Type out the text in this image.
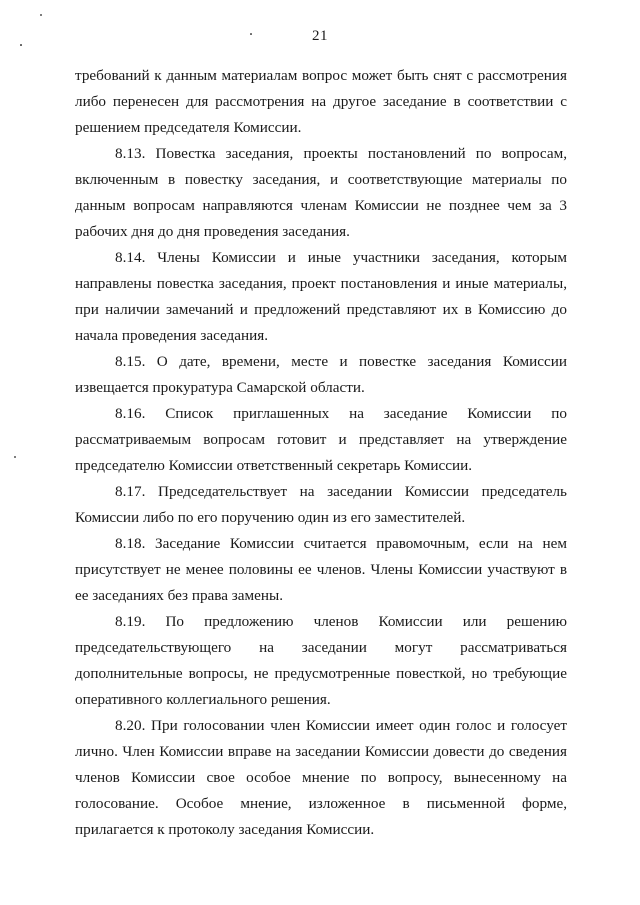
21
требований к данным материалам вопрос может быть снят с рассмотрения
либо перенесен для рассмотрения на другое заседание в соответствии с
решением председателя Комиссии.
8.13. Повестка заседания, проекты постановлений по вопросам,
включенным в повестку заседания, и соответствующие материалы по
данным вопросам направляются членам Комиссии не позднее чем за 3
рабочих дня до дня проведения заседания.
8.14. Члены Комиссии и иные участники заседания, которым
направлены повестка заседания, проект постановления и иные материалы,
при наличии замечаний и предложений представляют их в Комиссию до
начала проведения заседания.
8.15. О дате, времени, месте и повестке заседания Комиссии
извещается прокуратура Самарской области.
8.16. Список приглашенных на заседание Комиссии по
рассматриваемым вопросам готовит и представляет на утверждение
председателю Комиссии ответственный секретарь Комиссии.
8.17. Председательствует на заседании Комиссии председатель
Комиссии либо по его поручению один из его заместителей.
8.18. Заседание Комиссии считается правомочным, если на нем
присутствует не менее половины ее членов. Члены Комиссии участвуют в
ее заседаниях без права замены.
8.19. По предложению членов Комиссии или решению
председательствующего на заседании могут рассматриваться
дополнительные вопросы, не предусмотренные повесткой, но требующие
оперативного коллегиального решения.
8.20. При голосовании член Комиссии имеет один голос и голосует
лично. Член Комиссии вправе на заседании Комиссии довести до сведения
членов Комиссии свое особое мнение по вопросу, вынесенному на
голосование. Особое мнение, изложенное в письменной форме,
прилагается к протоколу заседания Комиссии.
